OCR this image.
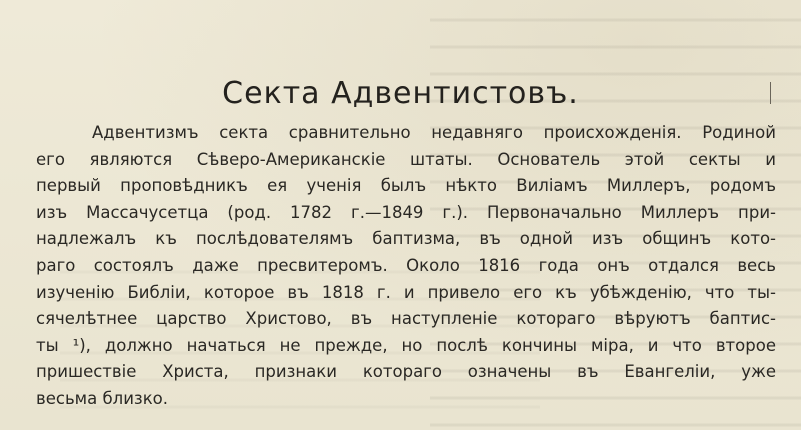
Секта Адвентистовъ.
Адвентизмъ секта сравнительно недавняго происхожденія. Родиной
его являются Сѣверо-Американскіе штаты. Основатель этой секты и
первый проповѣдникъ ея ученія былъ нѣкто Виліамъ Миллеръ, родомъ
изъ Массачусетца (род. 1782 г.—1849 г.). Первоначально Миллеръ при-
надлежалъ къ послѣдователямъ баптизма, въ одной изъ общинъ кото-
раго состоялъ даже пресвитеромъ. Около 1816 года онъ отдался весь
изученію Библіи, которое въ 1818 г. и привело его къ убѣжденію, что ты-
сячелѣтнее царство Христово, въ наступленіе котораго вѣруютъ баптис-
ты ¹), должно начаться не прежде, но послѣ кончины міра, и что второе
пришествіе Христа, признаки котораго означены въ Евангеліи, уже
весьма близко.
